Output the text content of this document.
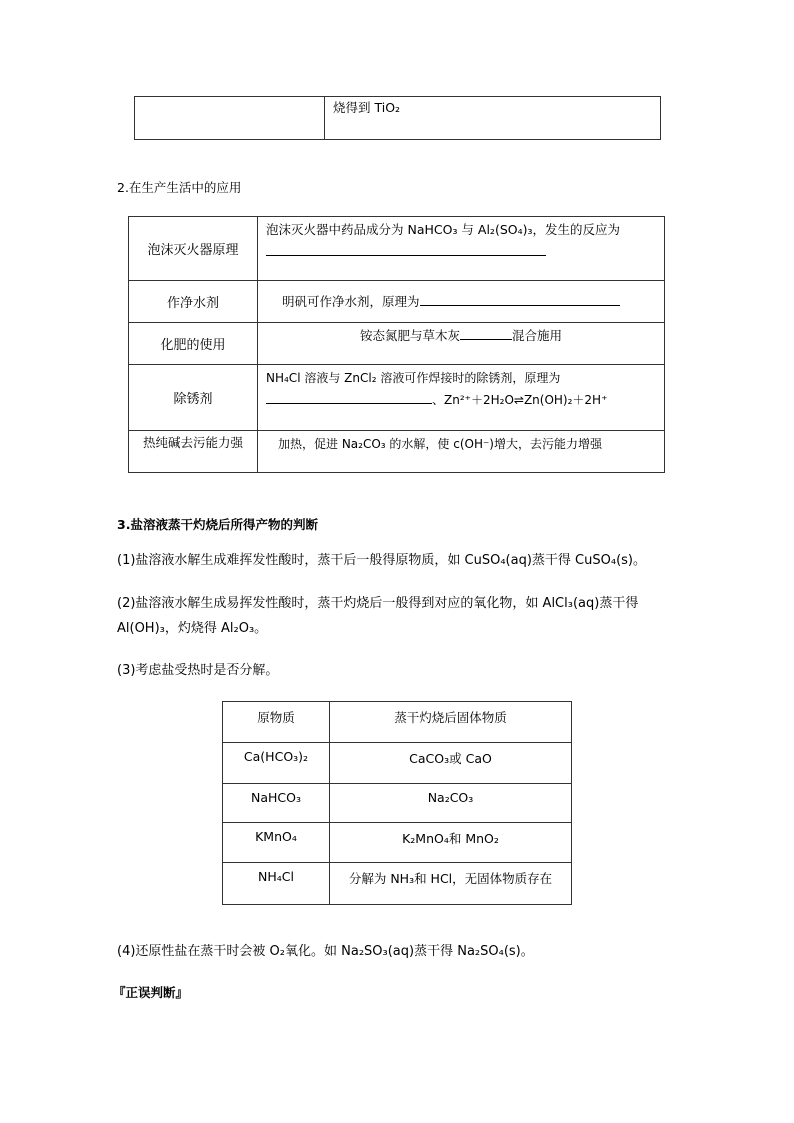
	烧得到 TiO₂
2.在生产生活中的应用
泡沫灭火器原理	泡沫灭火器中药品成分为 NaHCO₃ 与 Al₂(SO₄)₃，发生的反应为

作净水剂	明矾可作净水剂，原理为
化肥的使用	铵态氮肥与草木灰 混合施用
除锈剂	NH₄Cl 溶液与 ZnCl₂ 溶液可作焊接时的除锈剂，原理为
、Zn²⁺＋2H₂O⇌Zn(OH)₂＋2H⁺

热纯碱去污能力强	加热，促进 Na₂CO₃ 的水解，使 c(OH⁻)增大，去污能力增强
3.盐溶液蒸干灼烧后所得产物的判断
(1)盐溶液水解生成难挥发性酸时，蒸干后一般得原物质，如 CuSO₄(aq)蒸干得 CuSO₄(s)。
(2)盐溶液水解生成易挥发性酸时，蒸干灼烧后一般得到对应的氧化物，如 AlCl₃(aq)蒸干得
Al(OH)₃，灼烧得 Al₂O₃。
(3)考虑盐受热时是否分解。
原物质	蒸干灼烧后固体物质
Ca(HCO₃)₂	CaCO₃或 CaO
NaHCO₃	Na₂CO₃
KMnO₄	K₂MnO₄和 MnO₂
NH₄Cl	分解为 NH₃和 HCl，无固体物质存在
(4)还原性盐在蒸干时会被 O₂氧化。如 Na₂SO₃(aq)蒸干得 Na₂SO₄(s)。
『正误判断』
